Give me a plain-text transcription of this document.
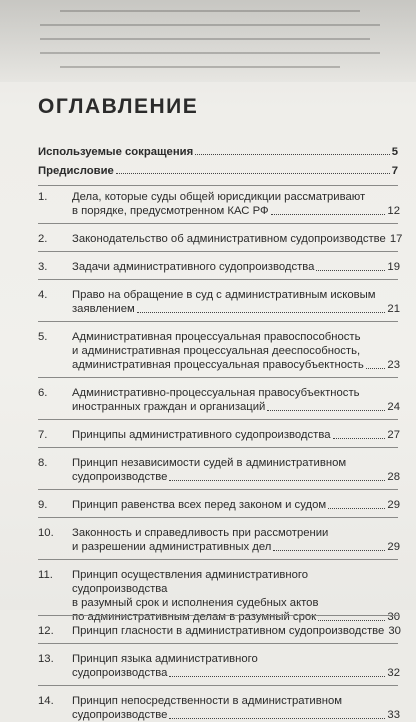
ОГЛАВЛЕНИЕ
Используемые сокращения	5
Предисловие	7
1.	Дела, которые суды общей юрисдикции рассматривают
в порядке, предусмотренном КАС РФ	12
2.	Законодательство об административном судопроизводстве 17
3.	Задачи административного судопроизводства	19
4.	Право на обращение в суд с административным исковым
заявлением	21
5.	Административная процессуальная правоспособность
и административная процессуальная дееспособность,
административная процессуальная правосубъектность 23
6.	Административно-процессуальная правосубъектность
иностранных граждан и организаций	24
7.	Принципы административного судопроизводства	27
8.	Принцип независимости судей в административном
судопроизводстве	28
9.	Принцип равенства всех перед законом и судом	29
10.	Законность и справедливость при рассмотрении
и разрешении административных дел	29
11.	Принцип осуществления административного судопроизводства
в разумный срок и исполнения судебных актов
по административным делам в разумный срок	30
12.	Принцип гласности в административном судопроизводстве 30
13.	Принцип языка административного
судопроизводства	32
14.	Принцип непосредственности в административном
судопроизводстве	33
